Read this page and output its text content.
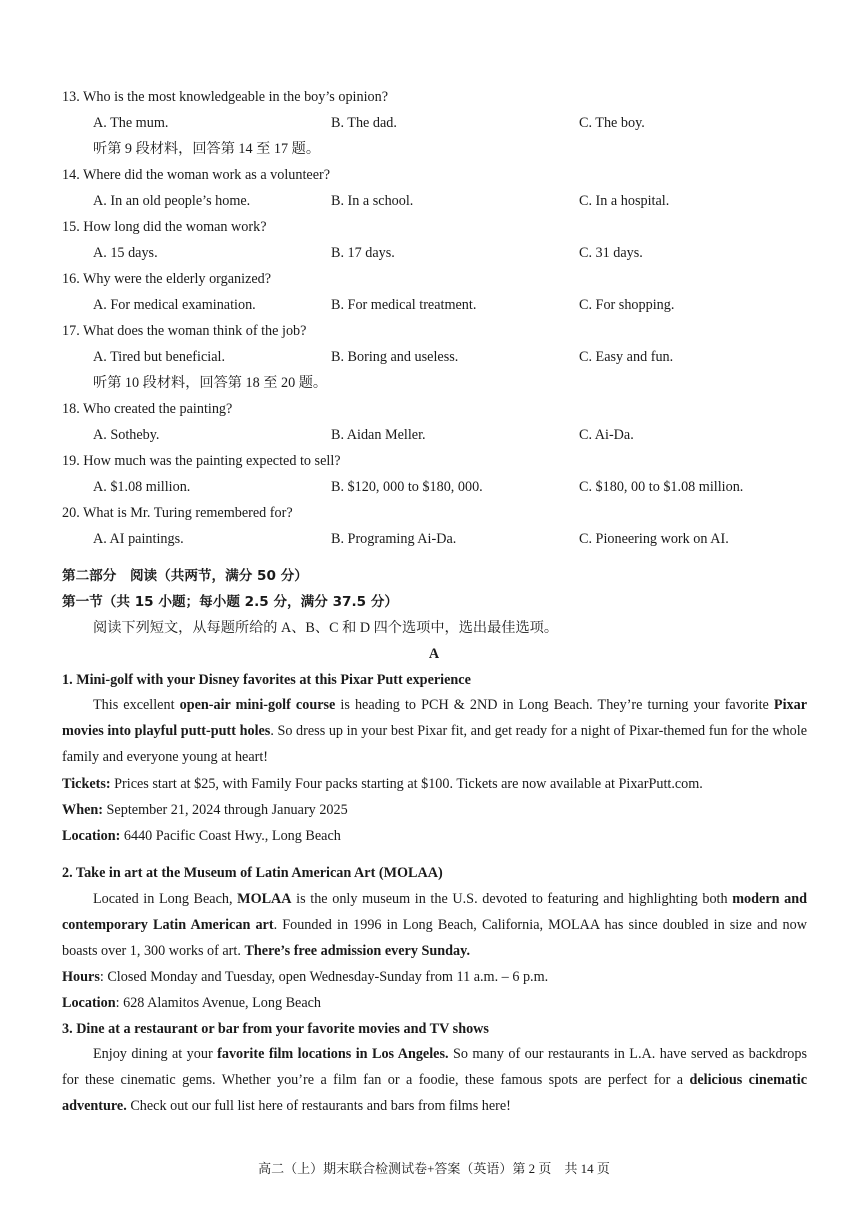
13. Who is the most knowledgeable in the boy’s opinion?
A. The mum.	B. The dad.	C. The boy.
听第 9 段材料，回答第 14 至 17 题。
14. Where did the woman work as a volunteer?
A. In an old people’s home.	B. In a school.	C. In a hospital.
15. How long did the woman work?
A. 15 days.	B. 17 days.	C. 31 days.
16. Why were the elderly organized?
A. For medical examination.	B. For medical treatment.	C. For shopping.
17. What does the woman think of the job?
A. Tired but beneficial.	B. Boring and useless.	C. Easy and fun.
听第 10 段材料，回答第 18 至 20 题。
18. Who created the painting?
A. Sotheby.	B. Aidan Meller.	C. Ai-Da.
19. How much was the painting expected to sell?
A. $1.08 million.	B. $120, 000 to $180, 000.	C. $180, 00 to $1.08 million.
20. What is Mr. Turing remembered for?
A. AI paintings.	B. Programing Ai-Da.	C. Pioneering work on AI.
第二部分　阅读（共两节，满分 50 分）
第一节（共 15 小题；每小题 2.5 分，满分 37.5 分）
阅读下列短文，从每题所给的 A、B、C 和 D 四个选项中，选出最佳选项。
A
1. Mini-golf with your Disney favorites at this Pixar Putt experience
This excellent open-air mini-golf course is heading to PCH & 2ND in Long Beach. They’re turning your favorite Pixar movies into playful putt-putt holes. So dress up in your best Pixar fit, and get ready for a night of Pixar-themed fun for the whole family and everyone young at heart!
Tickets: Prices start at $25, with Family Four packs starting at $100. Tickets are now available at PixarPutt.com.
When: September 21, 2024 through January 2025
Location: 6440 Pacific Coast Hwy., Long Beach
2. Take in art at the Museum of Latin American Art (MOLAA)
Located in Long Beach, MOLAA is the only museum in the U.S. devoted to featuring and highlighting both modern and contemporary Latin American art. Founded in 1996 in Long Beach, California, MOLAA has since doubled in size and now boasts over 1, 300 works of art. There’s free admission every Sunday.
Hours: Closed Monday and Tuesday, open Wednesday-Sunday from 11 a.m. – 6 p.m.
Location: 628 Alamitos Avenue, Long Beach
3. Dine at a restaurant or bar from your favorite movies and TV shows
Enjoy dining at your favorite film locations in Los Angeles. So many of our restaurants in L.A. have served as backdrops for these cinematic gems. Whether you’re a film fan or a foodie, these famous spots are perfect for a delicious cinematic adventure. Check out our full list here of restaurants and bars from films here!
高二（上）期末联合检测试卷+答案（英语）第 2 页　共 14 页
